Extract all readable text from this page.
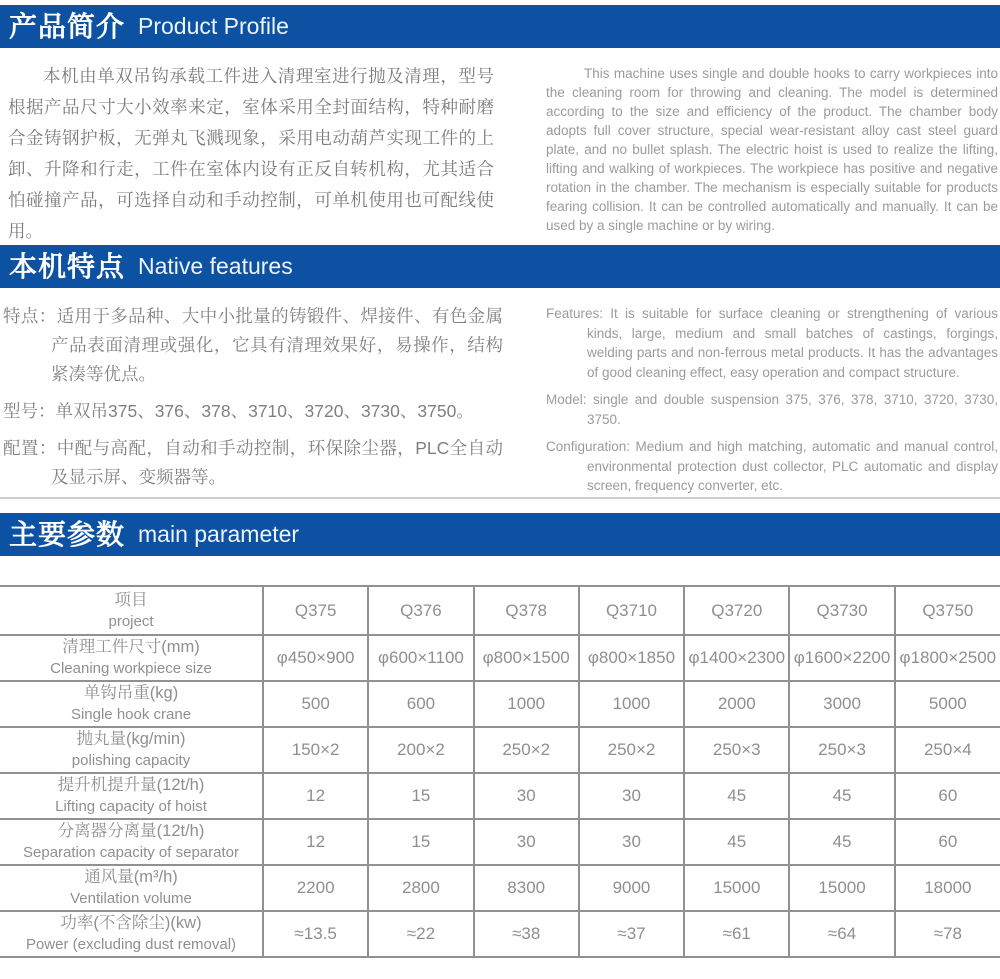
产品简介 Product Profile

本机由单双吊钩承载工件进入清理室进行抛及清理，型号根据产品尺寸大小效率来定，室体采用全封面结构，特种耐磨合金铸钢护板，无弹丸飞溅现象，采用电动葫芦实现工件的上卸、升降和行走，工件在室体内设有正反自转机构，尤其适合怕碰撞产品，可选择自动和手动控制，可单机使用也可配线使用。

This machine uses single and double hooks to carry workpieces into the cleaning room for throwing and cleaning. The model is determined according to the size and efficiency of the product. The chamber body adopts full cover structure, special wear-resistant alloy cast steel guard plate, and no bullet splash. The electric hoist is used to realize the lifting, lifting and walking of workpieces. The workpiece has positive and negative rotation in the chamber. The mechanism is especially suitable for products fearing collision. It can be controlled automatically and manually. It can be used by a single machine or by wiring.

本机特点 Native features

特点：适用于多品种、大中小批量的铸锻件、焊接件、有色金属产品表面清理或强化，它具有清理效果好，易操作，结构紧凑等优点。

型号：单双吊375、376、378、3710、3720、3730、3750。

配置：中配与高配，自动和手动控制，环保除尘器，PLC全自动及显示屏、变频器等。

Features: It is suitable for surface cleaning or strengthening of various kinds, large, medium and small batches of castings, forgings, welding parts and non-ferrous metal products. It has the advantages of good cleaning effect, easy operation and compact structure.

Model: single and double suspension 375, 376, 378, 3710, 3720, 3730, 3750.

Configuration: Medium and high matching, automatic and manual control, environmental protection dust collector, PLC automatic and display screen, frequency converter, etc.

主要参数 main parameter
项目
project	Q375	Q376	Q378	Q3710	Q3720	Q3730	Q3750

清理工件尺寸(mm)
Cleaning workpiece size	φ450×900	φ600×1100	φ800×1500	φ800×1850	φ1400×2300	φ1600×2200	φ1800×2500

单钩吊重(kg)
Single hook crane	500	600	1000	1000	2000	3000	5000

抛丸量(kg/min)
polishing capacity	150×2	200×2	250×2	250×2	250×3	250×3	250×4

提升机提升量(12t/h)
Lifting capacity of hoist	12	15	30	30	45	45	60

分离器分离量(12t/h)
Separation capacity of separator	12	15	30	30	45	45	60

通风量(m³/h)
Ventilation volume	2200	2800	8300	9000	15000	15000	18000

功率(不含除尘)(kw)
Power (excluding dust removal)	≈13.5	≈22	≈38	≈37	≈61	≈64	≈78
